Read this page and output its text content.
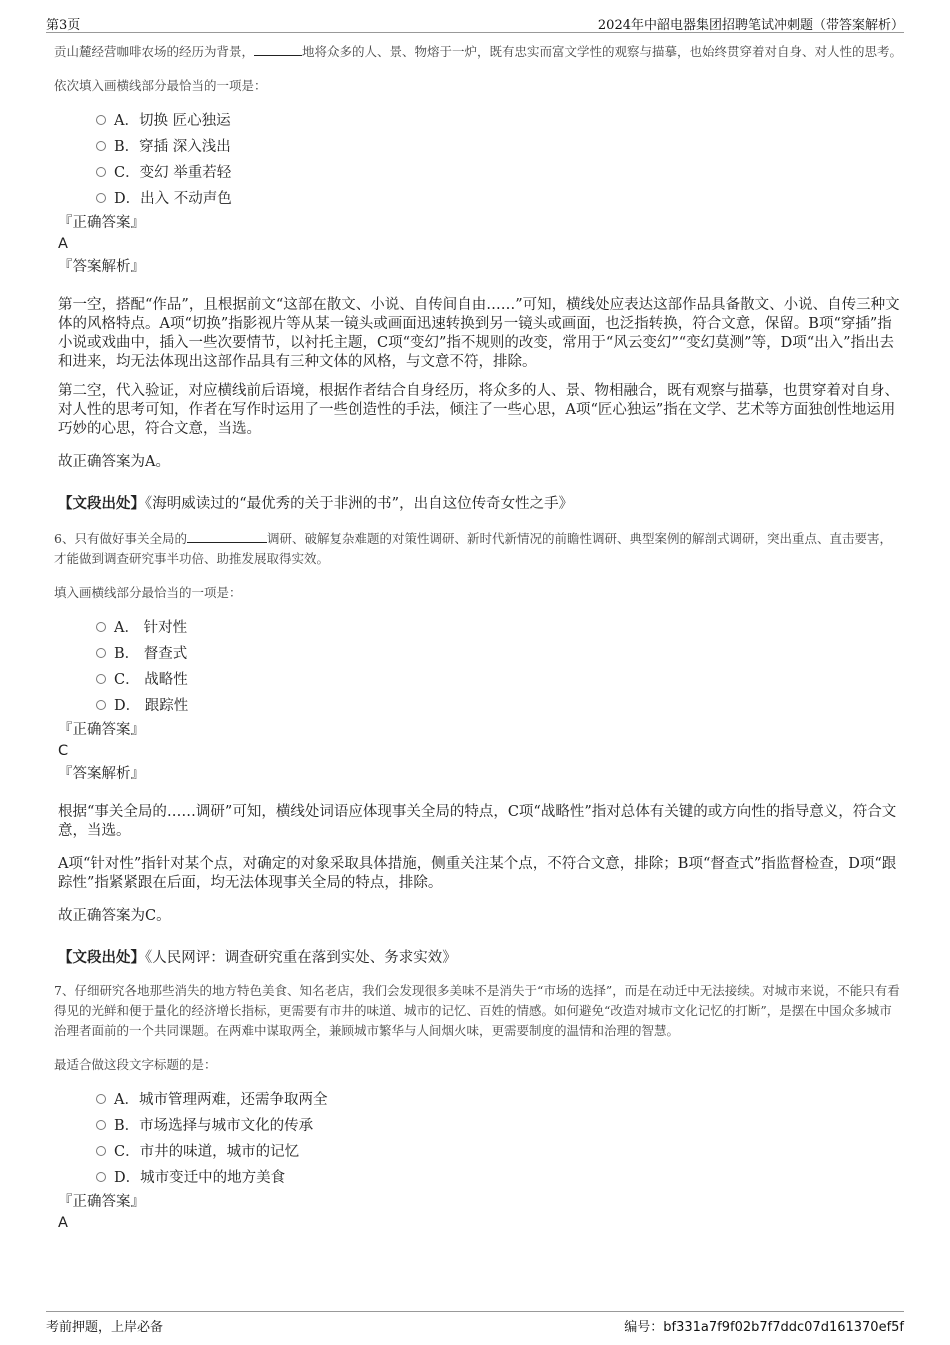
第3页	2024年中韶电器集团招聘笔试冲刺题（带答案解析）

贡山麓经营咖啡农场的经历为背景，	地将众多的人、景、物熔于一炉，既有忠实而富文学性的观察与描摹，也始终贯穿着对自身、对人性的思考。

依次填入画横线部分最恰当的一项是：

A．切换 匠心独运
B．穿插 深入浅出
C．变幻 举重若轻
D．出入 不动声色
『正确答案』
A
『答案解析』

第一空，搭配“作品”，且根据前文“这部在散文、小说、自传间自由……”可知，横线处应表达这部作品具备散文、小说、自传三种文体的风格特点。A项“切换”指影视片等从某一镜头或画面迅速转换到另一镜头或画面，也泛指转换，符合文意，保留。B项“穿插”指小说或戏曲中，插入一些次要情节，以衬托主题，C项“变幻”指不规则的改变，常用于“风云变幻”“变幻莫测”等，D项“出入”指出去和进来，均无法体现出这部作品具有三种文体的风格，与文意不符，排除。

第二空，代入验证，对应横线前后语境，根据作者结合自身经历，将众多的人、景、物相融合，既有观察与描摹，也贯穿着对自身、对人性的思考可知，作者在写作时运用了一些创造性的手法，倾注了一些心思，A项“匠心独运”指在文学、艺术等方面独创性地运用巧妙的心思，符合文意，当选。

故正确答案为A。

【文段出处】《海明威读过的“最优秀的关于非洲的书”，出自这位传奇女性之手》

6、只有做好事关全局的	调研、破解复杂难题的对策性调研、新时代新情况的前瞻性调研、典型案例的解剖式调研，突出重点、直击要害，才能做到调查研究事半功倍、助推发展取得实效。

填入画横线部分最恰当的一项是：

A． 针对性
B． 督查式
C． 战略性
D． 跟踪性
『正确答案』
C
『答案解析』

根据“事关全局的……调研”可知，横线处词语应体现事关全局的特点，C项“战略性”指对总体有关键的或方向性的指导意义，符合文意，当选。

A项“针对性”指针对某个点，对确定的对象采取具体措施，侧重关注某个点，不符合文意，排除；B项“督查式”指监督检查，D项“跟踪性”指紧紧跟在后面，均无法体现事关全局的特点，排除。

故正确答案为C。

【文段出处】《人民网评：调查研究重在落到实处、务求实效》

7、仔细研究各地那些消失的地方特色美食、知名老店，我们会发现很多美味不是消失于“市场的选择”，而是在动迁中无法接续。对城市来说，不能只有看得见的光鲜和便于量化的经济增长指标，更需要有市井的味道、城市的记忆、百姓的情感。如何避免“改造对城市文化记忆的打断”，是摆在中国众多城市治理者面前的一个共同课题。在两难中谋取两全，兼顾城市繁华与人间烟火味，更需要制度的温情和治理的智慧。

最适合做这段文字标题的是：

A．城市管理两难，还需争取两全
B．市场选择与城市文化的传承
C．市井的味道，城市的记忆
D．城市变迁中的地方美食
『正确答案』
A
考前押题，上岸必备	编号：bf331a7f9f02b7f7ddc07d161370ef5f
